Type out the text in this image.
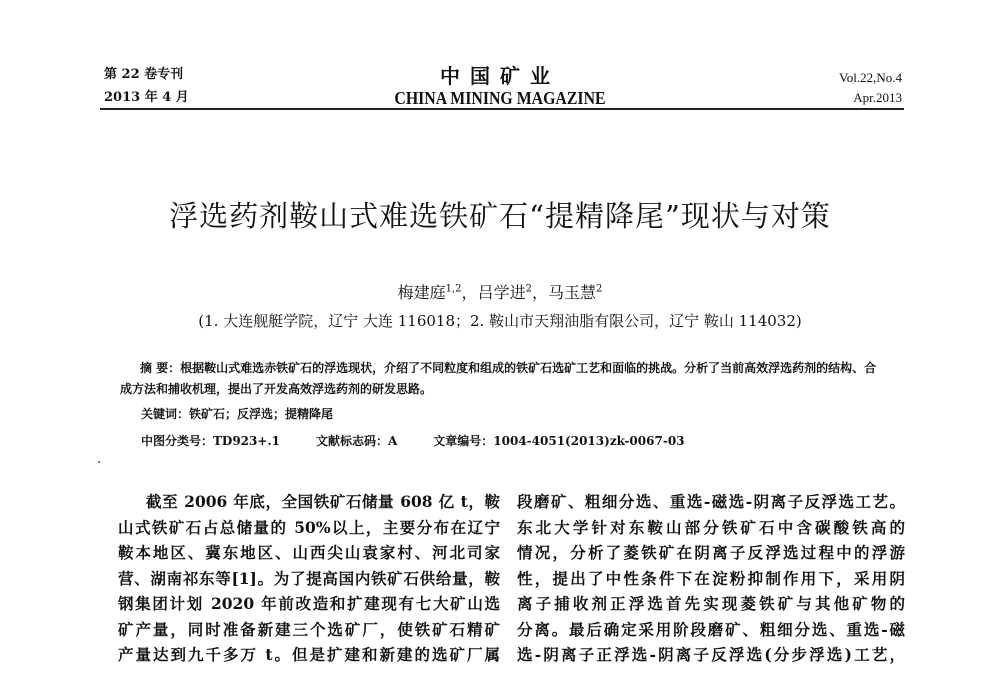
第 22 卷专刊
2013 年 4 月
中国矿业
CHINA MINING MAGAZINE
Vol.22,No.4
Apr.2013
浮选药剂鞍山式难选铁矿石“提精降尾”现状与对策
梅建庭$^{1,2}$，吕学进$^2$，马玉慧$^2$
(1. 大连舰艇学院，辽宁 大连 116018；2. 鞍山市天翔油脂有限公司，辽宁 鞍山 114032)
摘 要：根据鞍山式难选赤铁矿石的浮选现状，介绍了不同粒度和组成的铁矿石选矿工艺和面临的挑战。分析了当前高效浮选药剂的结构、合成方法和捕收机理，提出了开发高效浮选药剂的研发思路。
关键词：铁矿石；反浮选；提精降尾
中图分类号：TD923+.1	文献标志码：A	文章编号：1004-4051(2013)zk-0067-03
截至 2006 年底，全国铁矿石储量 608 亿 t，鞍
山式铁矿石占总储量的 50%以上，主要分布在辽宁
鞍本地区、冀东地区、山西尖山袁家村、河北司家
营、湖南祁东等[1]。为了提高国内铁矿石供给量，鞍
钢集团计划 2020 年前改造和扩建现有七大矿山选
矿产量，同时准备新建三个选矿厂，使铁矿石精矿
产量达到九千多万 t。但是扩建和新建的选矿厂属
段磨矿、粗细分选、重选-磁选-阴离子反浮选工艺。
东北大学针对东鞍山部分铁矿石中含碳酸铁高的
情况，分析了菱铁矿在阴离子反浮选过程中的浮游
性，提出了中性条件下在淀粉抑制作用下，采用阴
离子捕收剂正浮选首先实现菱铁矿与其他矿物的
分离。最后确定采用阶段磨矿、粗细分选、重选-磁
选-阴离子正浮选-阴离子反浮选(分步浮选)工艺，
